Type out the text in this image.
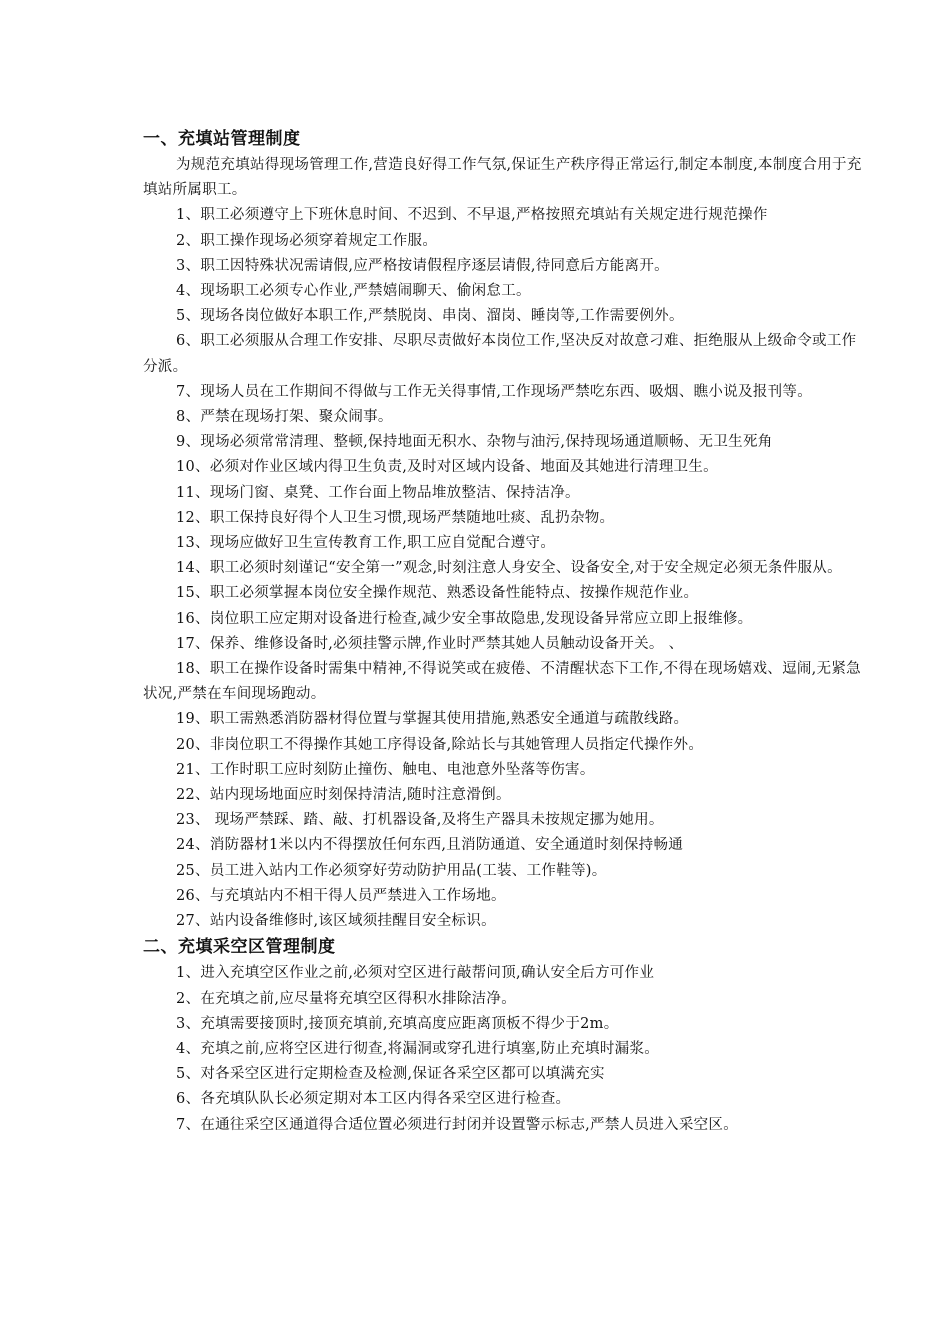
一、充填站管理制度

为规范充填站得现场管理工作,营造良好得工作气氛,保证生产秩序得正常运行,制定本制度,本制度合用于充填站所属职工。

1、职工必须遵守上下班休息时间、不迟到、不早退,严格按照充填站有关规定进行规范操作

2、职工操作现场必须穿着规定工作服。

3、职工因特殊状况需请假,应严格按请假程序逐层请假,待同意后方能离开。

4、现场职工必须专心作业,严禁嬉闹聊天、偷闲怠工。

5、现场各岗位做好本职工作,严禁脱岗、串岗、溜岗、睡岗等,工作需要例外。

6、职工必须服从合理工作安排、尽职尽责做好本岗位工作,坚决反对故意刁难、拒绝服从上级命令或工作分派。

7、现场人员在工作期间不得做与工作无关得事情,工作现场严禁吃东西、吸烟、瞧小说及报刊等。

8、严禁在现场打架、聚众闹事。

9、现场必须常常清理、整顿,保持地面无积水、杂物与油污,保持现场通道顺畅、无卫生死角

10、必须对作业区域内得卫生负责,及时对区域内设备、地面及其她进行清理卫生。

11、现场门窗、桌凳、工作台面上物品堆放整洁、保持洁净。

12、职工保持良好得个人卫生习惯,现场严禁随地吐痰、乱扔杂物。

13、现场应做好卫生宣传教育工作,职工应自觉配合遵守。

14、职工必须时刻谨记“安全第一”观念,时刻注意人身安全、设备安全,对于安全规定必须无条件服从。

15、职工必须掌握本岗位安全操作规范、熟悉设备性能特点、按操作规范作业。

16、岗位职工应定期对设备进行检查,减少安全事故隐患,发现设备异常应立即上报维修。

17、保养、维修设备时,必须挂警示牌,作业时严禁其她人员触动设备开关。 、

18、职工在操作设备时需集中精神,不得说笑或在疲倦、不清醒状态下工作,不得在现场嬉戏、逗闹,无紧急状况,严禁在车间现场跑动。

19、职工需熟悉消防器材得位置与掌握其使用措施,熟悉安全通道与疏散线路。

20、非岗位职工不得操作其她工序得设备,除站长与其她管理人员指定代操作外。

21、工作时职工应时刻防止撞伤、触电、电池意外坠落等伤害。

22、站内现场地面应时刻保持清洁,随时注意滑倒。

23、 现场严禁踩、踏、敲、打机器设备,及将生产器具未按规定挪为她用。

24、消防器材1米以内不得摆放任何东西,且消防通道、安全通道时刻保持畅通

25、员工进入站内工作必须穿好劳动防护用品(工装、工作鞋等)。

26、与充填站内不相干得人员严禁进入工作场地。

27、站内设备维修时,该区域须挂醒目安全标识。

二、充填采空区管理制度

1、进入充填空区作业之前,必须对空区进行敲帮问顶,确认安全后方可作业

2、在充填之前,应尽量将充填空区得积水排除洁净。

3、充填需要接顶时,接顶充填前,充填高度应距离顶板不得少于2m。

4、充填之前,应将空区进行彻查,将漏洞或穿孔进行填塞,防止充填时漏浆。

5、对各采空区进行定期检查及检测,保证各采空区都可以填满充实

6、各充填队队长必须定期对本工区内得各采空区进行检查。

7、在通往采空区通道得合适位置必须进行封闭并设置警示标志,严禁人员进入采空区。
